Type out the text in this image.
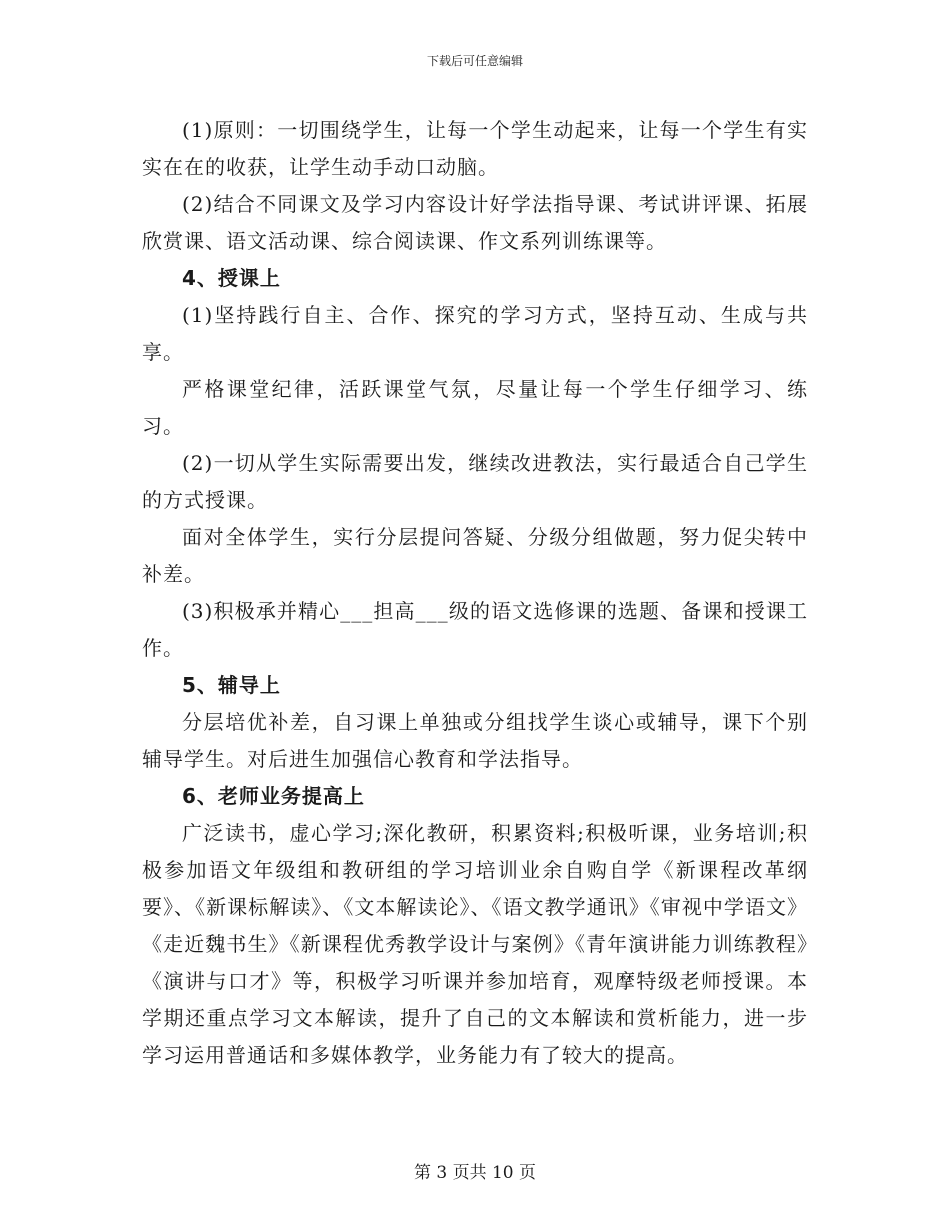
下载后可任意编辑

(1)原则：一切围绕学生，让每一个学生动起来，让每一个学生有实实在在的收获，让学生动手动口动脑。

(2)结合不同课文及学习内容设计好学法指导课、考试讲评课、拓展欣赏课、语文活动课、综合阅读课、作文系列训练课等。

4、授课上

(1)坚持践行自主、合作、探究的学习方式，坚持互动、生成与共享。

严格课堂纪律，活跃课堂气氛，尽量让每一个学生仔细学习、练习。

(2)一切从学生实际需要出发，继续改进教法，实行最适合自己学生的方式授课。

面对全体学生，实行分层提问答疑、分级分组做题，努力促尖转中补差。

(3)积极承并精心___担高___级的语文选修课的选题、备课和授课工作。

5、辅导上

分层培优补差，自习课上单独或分组找学生谈心或辅导，课下个别辅导学生。对后进生加强信心教育和学法指导。

6、老师业务提高上

广泛读书，虚心学习;深化教研，积累资料;积极听课，业务培训;积极参加语文年级组和教研组的学习培训业余自购自学《新课程改革纲要》、《新课标解读》、《文本解读论》、《语文教学通讯》《审视中学语文》《走近魏书生》《新课程优秀教学设计与案例》《青年演讲能力训练教程》《演讲与口才》等，积极学习听课并参加培育，观摩特级老师授课。本学期还重点学习文本解读，提升了自己的文本解读和赏析能力，进一步学习运用普通话和多媒体教学，业务能力有了较大的提高。

第 3 页共 10 页
